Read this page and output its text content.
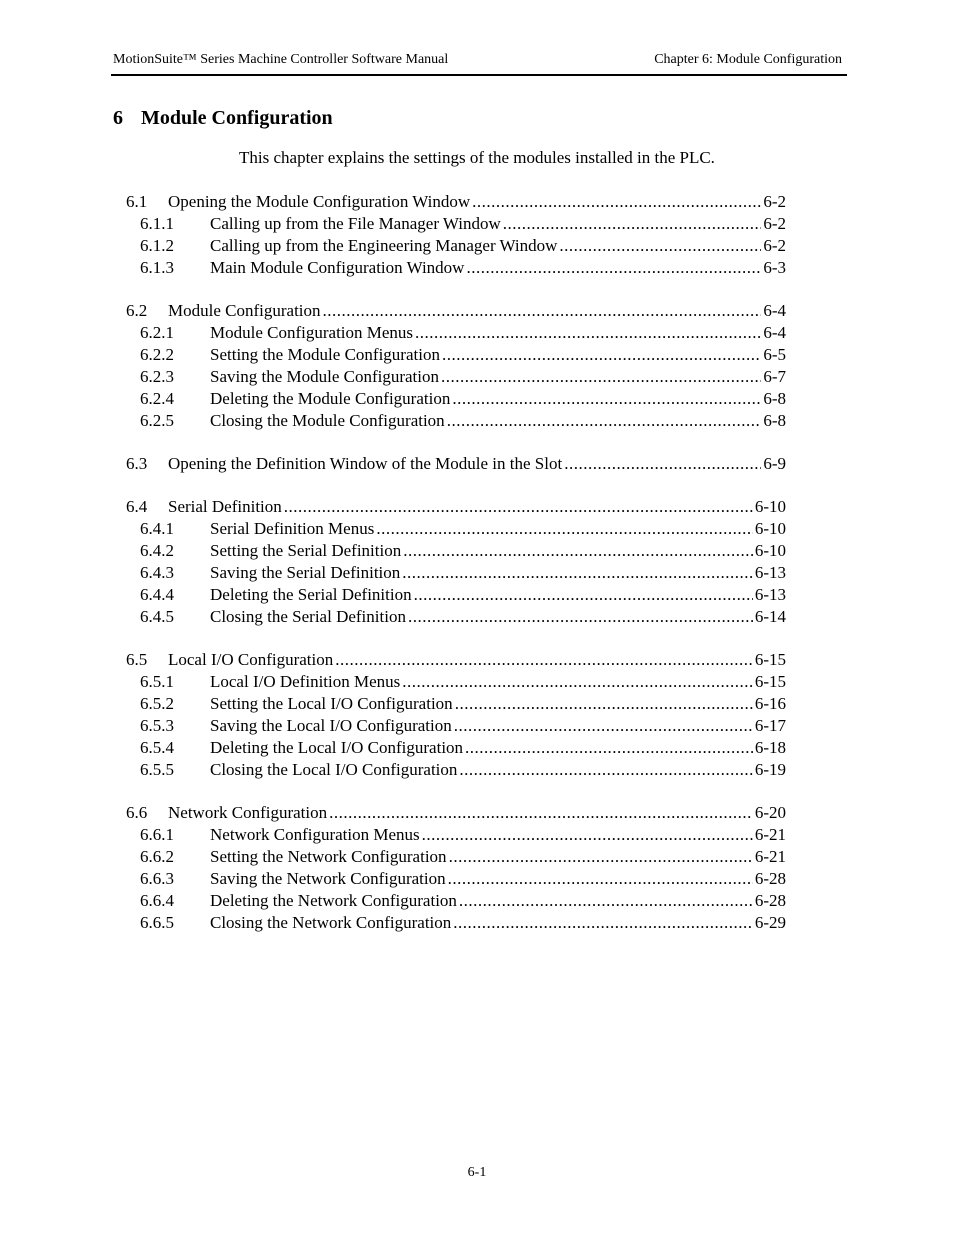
MotionSuite™ Series Machine Controller Software Manual	Chapter 6: Module Configuration
6 Module Configuration
This chapter explains the settings of the modules installed in the PLC.
6.1 Opening the Module Configuration Window .....	6-2
6.1.1 Calling up from the File Manager Window .....	6-2
6.1.2 Calling up from the Engineering Manager Window .....	6-2
6.1.3 Main Module Configuration Window .....	6-3
6.2 Module Configuration .....	6-4
6.2.1 Module Configuration Menus .....	6-4
6.2.2 Setting the Module Configuration .....	6-5
6.2.3 Saving the Module Configuration .....	6-7
6.2.4 Deleting the Module Configuration .....	6-8
6.2.5 Closing the Module Configuration .....	6-8
6.3 Opening the Definition Window of the Module in the Slot .....	6-9
6.4 Serial Definition .....	6-10
6.4.1 Serial Definition Menus .....	6-10
6.4.2 Setting the Serial Definition .....	6-10
6.4.3 Saving the Serial Definition .....	6-13
6.4.4 Deleting the Serial Definition .....	6-13
6.4.5 Closing the Serial Definition .....	6-14
6.5 Local I/O Configuration .....	6-15
6.5.1 Local I/O Definition Menus .....	6-15
6.5.2 Setting the Local I/O Configuration .....	6-16
6.5.3 Saving the Local I/O Configuration .....	6-17
6.5.4 Deleting the Local I/O Configuration .....	6-18
6.5.5 Closing the Local I/O Configuration .....	6-19
6.6 Network Configuration .....	6-20
6.6.1 Network Configuration Menus .....	6-21
6.6.2 Setting the Network Configuration .....	6-21
6.6.3 Saving the Network Configuration .....	6-28
6.6.4 Deleting the Network Configuration .....	6-28
6.6.5 Closing the Network Configuration .....	6-29
6-1
